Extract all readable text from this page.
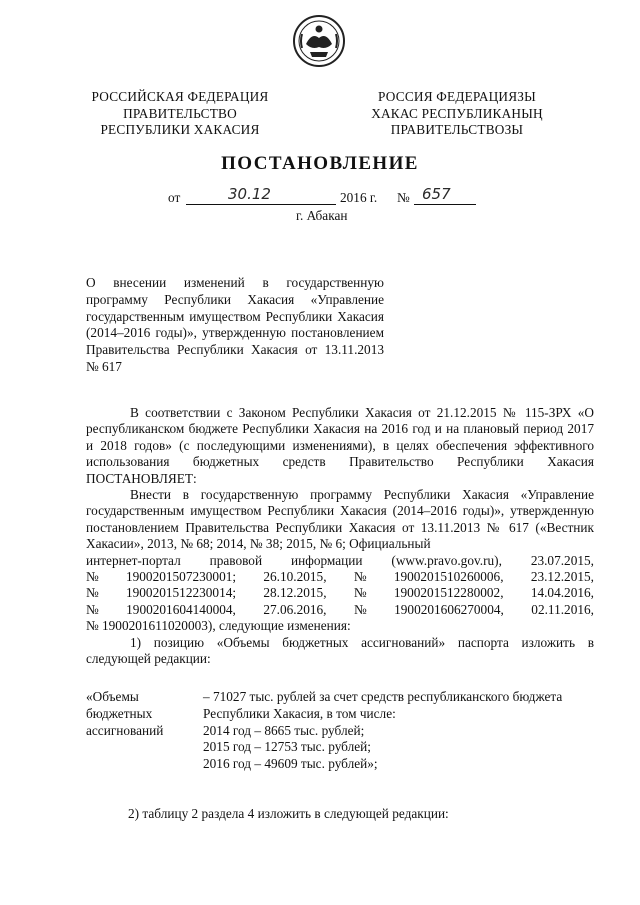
РОССИЙСКАЯ ФЕДЕРАЦИЯ
ПРАВИТЕЛЬСТВО
РЕСПУБЛИКИ ХАКАСИЯ
РОССИЯ ФЕДЕРАЦИЯЗЫ
ХАКАС РЕСПУБЛИКАНЫҢ
ПРАВИТЕЛЬСТВОЗЫ
ПОСТАНОВЛЕНИЕ
от	30.12	2016 г. № 657
г. Абакан
О внесении изменений в государственную программу Республики Хакасия «Управление государственным имуществом Республики Хакасия (2014–2016 годы)», утвержденную постановлением Правительства Республики Хакасия от 13.11.2013 № 617
В соответствии с Законом Республики Хакасия от 21.12.2015 № 115-ЗРХ «О республиканском бюджете Республики Хакасия на 2016 год и на плановый период 2017 и 2018 годов» (с последующими изменениями), в целях обеспечения эффективного использования бюджетных средств Правительство Республики Хакасия ПОСТАНОВЛЯЕТ:
Внести в государственную программу Республики Хакасия «Управление государственным имуществом Республики Хакасия (2014–2016 годы)», утвержденную постановлением Правительства Республики Хакасия от 13.11.2013 № 617 («Вестник Хакасии», 2013, № 68; 2014, № 38; 2015, № 6; Официальный
интернет-портал правовой информации (www.pravo.gov.ru), 23.07.2015,
№ 1900201507230001; 26.10.2015, № 1900201510260006, 23.12.2015,
№ 1900201512230014; 28.12.2015, № 1900201512280002, 14.04.2016,
№ 1900201604140004, 27.06.2016, № 1900201606270004, 02.11.2016,
№ 1900201611020003), следующие изменения:
1) позицию «Объемы бюджетных ассигнований» паспорта изложить в следующей редакции:
«Объемы
бюджетных
ассигнований
– 71027 тыс. рублей за счет средств республиканского бюджета
Республики Хакасия, в том числе:
2014 год – 8665 тыс. рублей;
2015 год – 12753 тыс. рублей;
2016 год – 49609 тыс. рублей»;
2) таблицу 2 раздела 4 изложить в следующей редакции:
